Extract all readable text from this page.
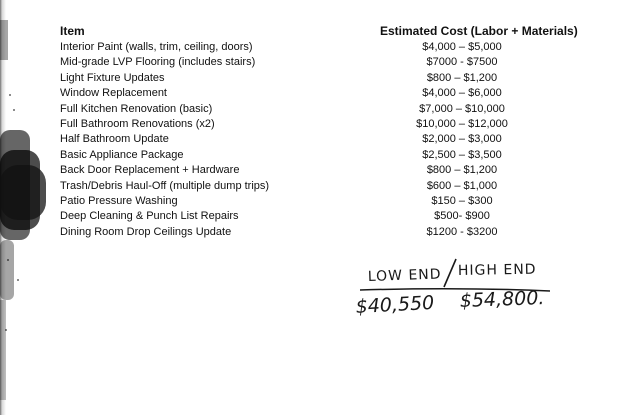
Item	Estimated Cost (Labor + Materials)
Interior Paint (walls, trim, ceiling, doors)	$4,000 – $5,000
Mid-grade LVP Flooring (includes stairs)	$7000 - $7500
Light Fixture Updates	$800 – $1,200
Window Replacement	$4,000 – $6,000
Full Kitchen Renovation (basic)	$7,000 – $10,000
Full Bathroom Renovations (x2)	$10,000 – $12,000
Half Bathroom Update	$2,000 – $3,000
Basic Appliance Package	$2,500 – $3,500
Back Door Replacement + Hardware	$800 – $1,200
Trash/Debris Haul-Off (multiple dump trips)	$600 – $1,000
Patio Pressure Washing	$150 – $300
Deep Cleaning & Punch List Repairs	$500- $900
Dining Room Drop Ceilings Update	$1200 - $3200
LOW END HIGH END
$40,550 $54,800.
